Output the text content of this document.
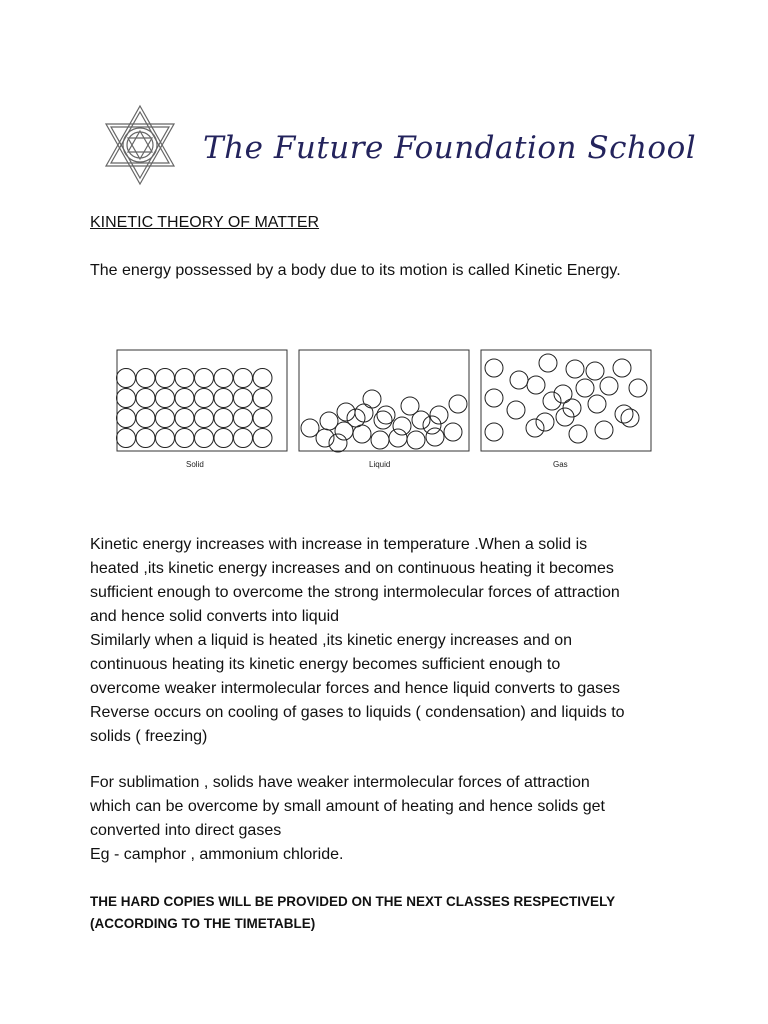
The Future Foundation School
KINETIC THEORY OF MATTER
The energy possessed by a body due to its motion is called Kinetic Energy.
Solid	Liquid	Gas
Kinetic energy increases with increase in temperature .When a solid is
heated ,its kinetic energy increases and on continuous heating it becomes
sufficient enough to overcome the strong intermolecular forces of attraction
and hence solid converts into liquid
Similarly when a liquid is heated ,its kinetic energy increases and on
continuous heating its kinetic energy becomes sufficient enough to
overcome weaker intermolecular forces and hence liquid converts to gases
Reverse occurs on cooling of gases to liquids ( condensation) and liquids to
solids ( freezing)
For sublimation , solids have weaker intermolecular forces of attraction
which can be overcome by small amount of heating and hence solids get
converted into direct gases
Eg - camphor , ammonium chloride.
THE HARD COPIES WILL BE PROVIDED ON THE NEXT CLASSES RESPECTIVELY
(ACCORDING TO THE TIMETABLE)
